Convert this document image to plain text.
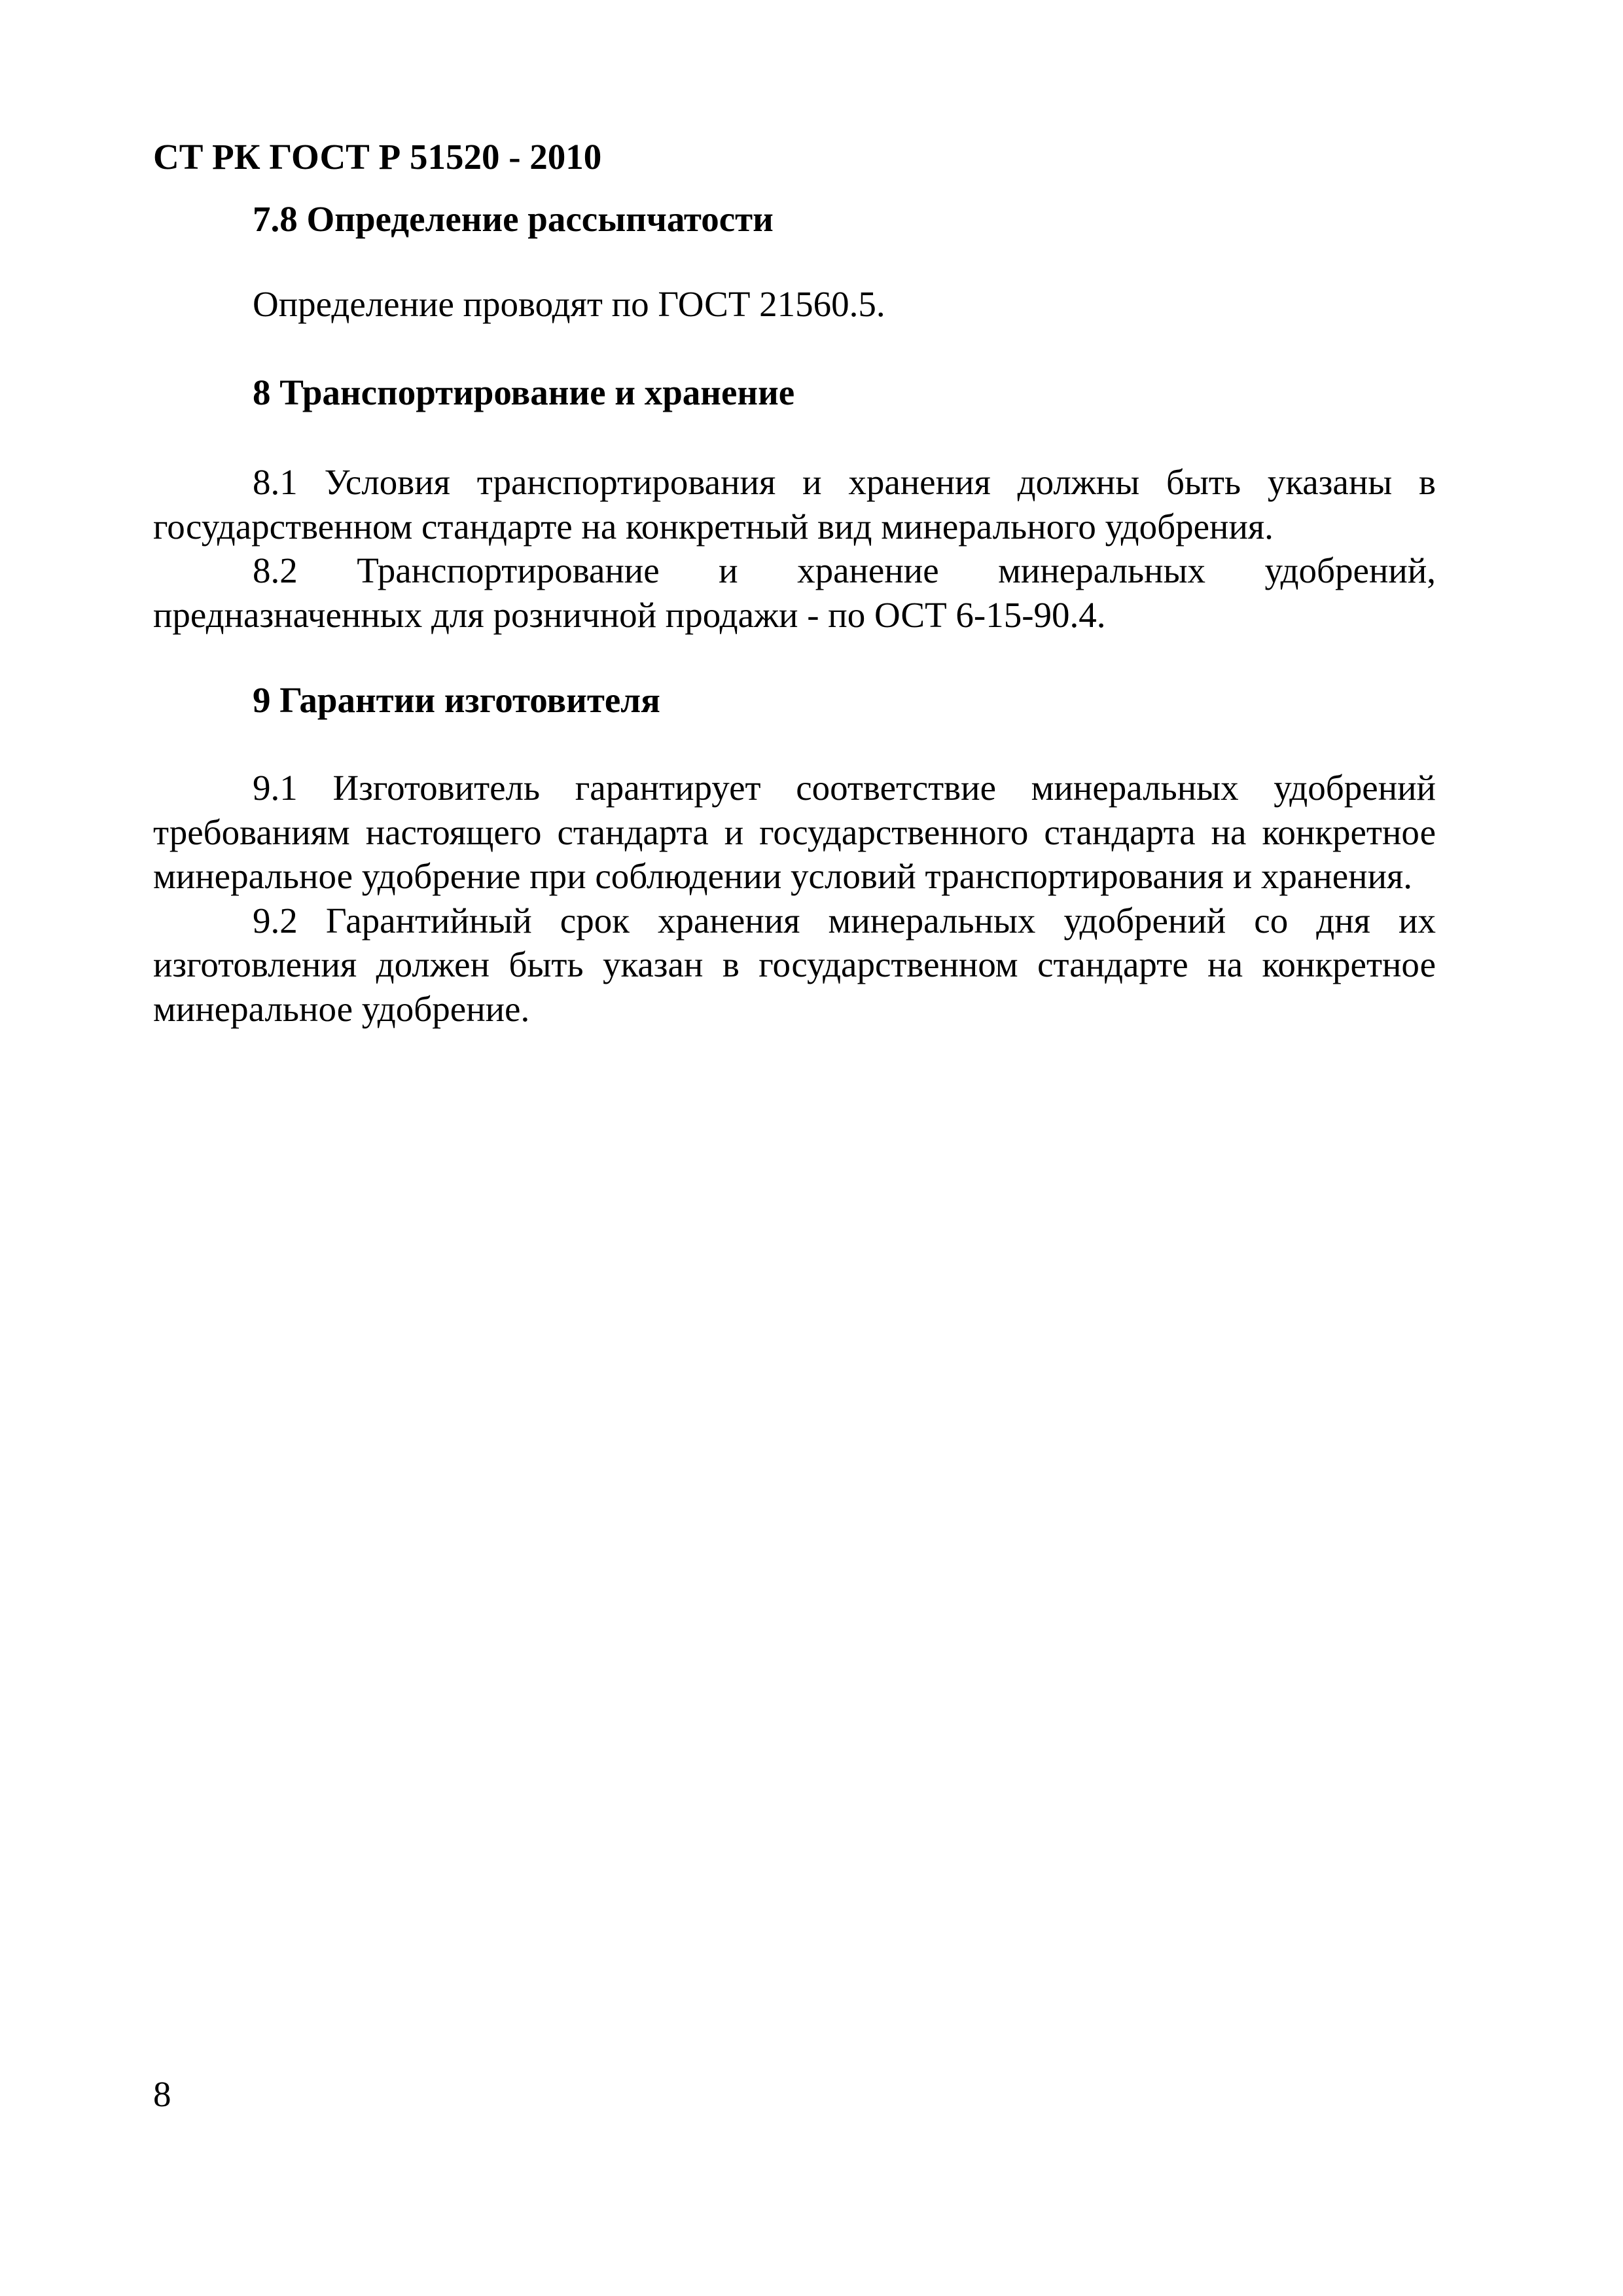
СТ РК ГОСТ Р 51520 - 2010
7.8 Определение рассыпчатости
Определение проводят по ГОСТ 21560.5.
8 Транспортирование и хранение

8.1 Условия транспортирования и хранения должны быть указаны в государственном стандарте на конкретный вид минерального удобрения.

8.2 Транспортирование и хранение минеральных удобрений, предназначенных для розничной продажи - по ОСТ 6-15-90.4.

9 Гарантии изготовителя

9.1 Изготовитель гарантирует соответствие минеральных удобрений требованиям настоящего стандарта и государственного стандарта на конкретное минеральное удобрение при соблюдении условий транспортирования и хранения.

9.2 Гарантийный срок хранения минеральных удобрений со дня их изготовления должен быть указан в государственном стандарте на конкретное минеральное удобрение.

8
